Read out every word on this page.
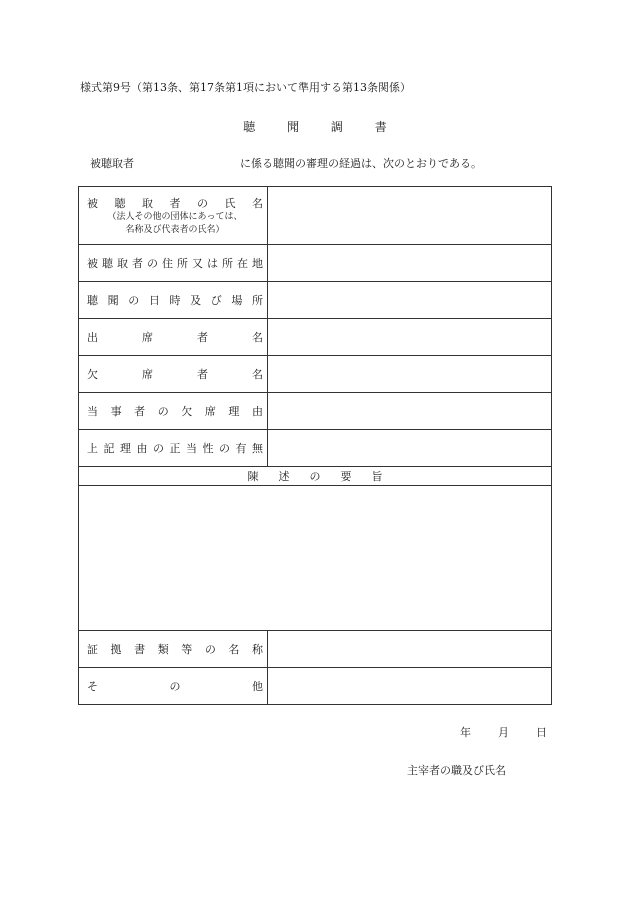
様式第9号（第13条、第17条第1項において準用する第13条関係）
聴 聞 調 書
被聴取者	に係る聴聞の審理の経過は、次のとおりである。
被聴取者の氏名
（法人その他の団体にあっては、
名称及び代表者の氏名）	

被聴取者の住所又は所在地	

聴聞の日時及び場所	

出席者名	

欠席者名	

当事者の欠席理由	

上記理由の正当性の有無	

陳述の要旨	

証拠書類等の名称	

その他	

年 月 日
主宰者の職及び氏名
